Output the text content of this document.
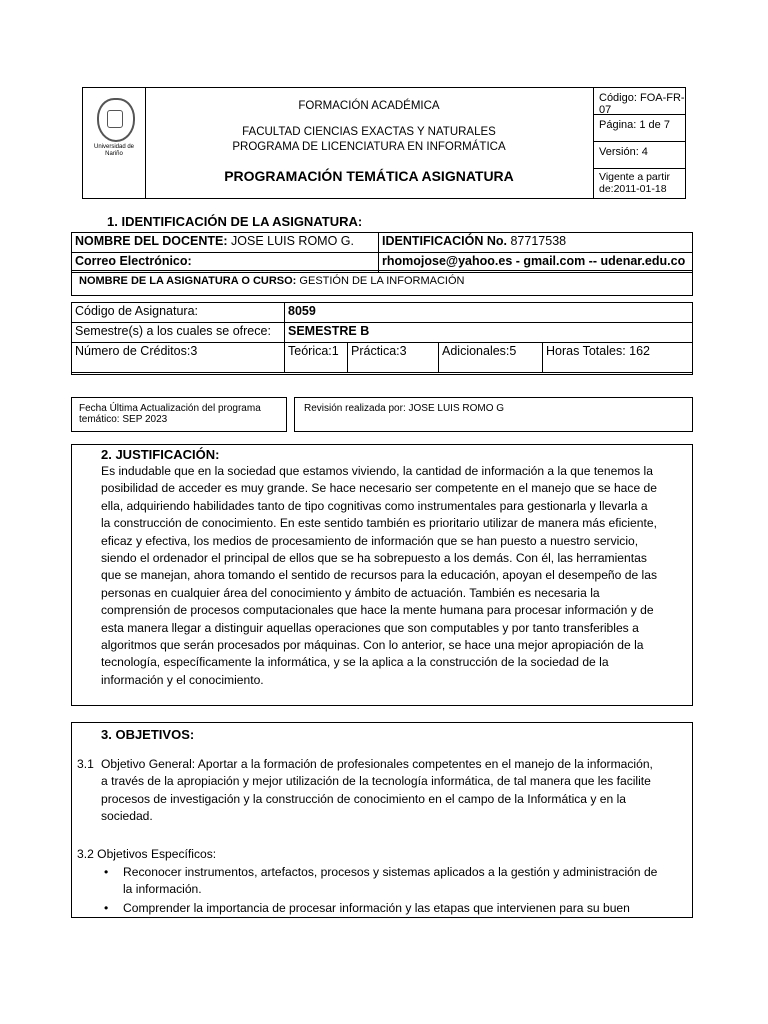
Universidad de Nariño
FORMACIÓN ACADÉMICA
FACULTAD CIENCIAS EXACTAS Y NATURALES
PROGRAMA DE LICENCIATURA EN INFORMÁTICA
PROGRAMACIÓN TEMÁTICA ASIGNATURA
Código: FOA-FR-07
Página: 1 de 7
Versión: 4
Vigente a partir de:2011-01-18
1. IDENTIFICACIÓN DE LA ASIGNATURA:
NOMBRE DEL DOCENTE: JOSE LUIS ROMO G.	IDENTIFICACIÓN No. 87717538
Correo Electrónico:	rhomojose@yahoo.es - gmail.com -- udenar.edu.co
NOMBRE DE LA ASIGNATURA O CURSO: GESTIÓN DE LA INFORMACIÓN
Código de Asignatura:	8059			
Semestre(s) a los cuales se ofrece:	SEMESTRE B			
Número de Créditos:3	Teórica:1	Práctica:3	Adicionales:5	Horas Totales: 162
Fecha Última Actualización del programa
temático: SEP 2023
Revisión realizada por: JOSE LUIS ROMO G
2. JUSTIFICACIÓN:
Es indudable que en la sociedad que estamos viviendo, la cantidad de información a la que tenemos la
posibilidad de acceder es muy grande. Se hace necesario ser competente en el manejo que se hace de
ella, adquiriendo habilidades tanto de tipo cognitivas como instrumentales para gestionarla y llevarla a
la construcción de conocimiento. En este sentido también es prioritario utilizar de manera más eficiente,
eficaz y efectiva, los medios de procesamiento de información que se han puesto a nuestro servicio,
siendo el ordenador el principal de ellos que se ha sobrepuesto a los demás. Con él, las herramientas
que se manejan, ahora tomando el sentido de recursos para la educación, apoyan el desempeño de las
personas en cualquier área del conocimiento y ámbito de actuación. También es necesaria la
comprensión de procesos computacionales que hace la mente humana para procesar información y de
esta manera llegar a distinguir aquellas operaciones que son computables y por tanto transferibles a
algoritmos que serán procesados por máquinas. Con lo anterior, se hace una mejor apropiación de la
tecnología, específicamente la informática, y se la aplica a la construcción de la sociedad de la
información y el conocimiento.
3. OBJETIVOS:
3.1 Objetivo General: Aportar a la formación de profesionales competentes en el manejo de la información,
a través de la apropiación y mejor utilización de la tecnología informática, de tal manera que les facilite
procesos de investigación y la construcción de conocimiento en el campo de la Informática y en la
sociedad.
3.2 Objetivos Específicos:
• Reconocer instrumentos, artefactos, procesos y sistemas aplicados a la gestión y administración de
la información.
• Comprender la importancia de procesar información y las etapas que intervienen para su buen
